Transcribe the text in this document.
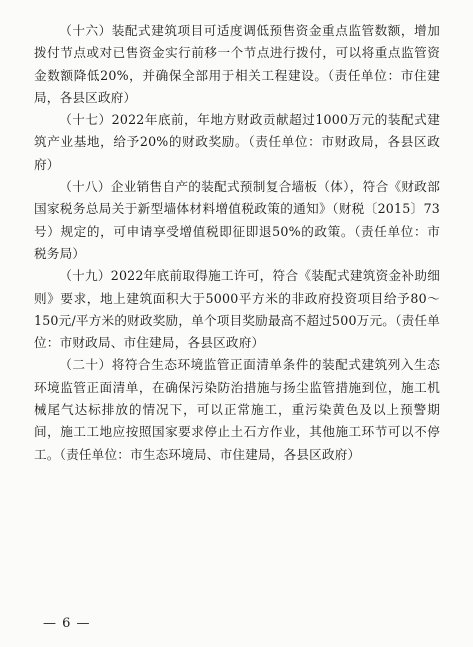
（十六）装配式建筑项目可适度调低预售资金重点监管数额，增加拨付节点或对已售资金实行前移一个节点进行拨付，可以将重点监管资金数额降低20%，并确保全部用于相关工程建设。（责任单位：市住建局，各县区政府）

（十七）2022年底前，年地方财政贡献超过1000万元的装配式建筑产业基地，给予20%的财政奖励。（责任单位：市财政局，各县区政府）

（十八）企业销售自产的装配式预制复合墙板（体），符合《财政部 国家税务总局关于新型墙体材料增值税政策的通知》（财税〔2015〕73号）规定的，可申请享受增值税即征即退50%的政策。（责任单位：市税务局）

（十九）2022年底前取得施工许可，符合《装配式建筑资金补助细则》要求，地上建筑面积大于5000平方米的非政府投资项目给予80～150元/平方米的财政奖励，单个项目奖励最高不超过500万元。（责任单位：市财政局、市住建局，各县区政府）

（二十）将符合生态环境监管正面清单条件的装配式建筑列入生态环境监管正面清单，在确保污染防治措施与扬尘监管措施到位，施工机械尾气达标排放的情况下，可以正常施工，重污染黄色及以上预警期间，施工工地应按照国家要求停止土石方作业，其他施工环节可以不停工。（责任单位：市生态环境局、市住建局，各县区政府）

— 6 —
